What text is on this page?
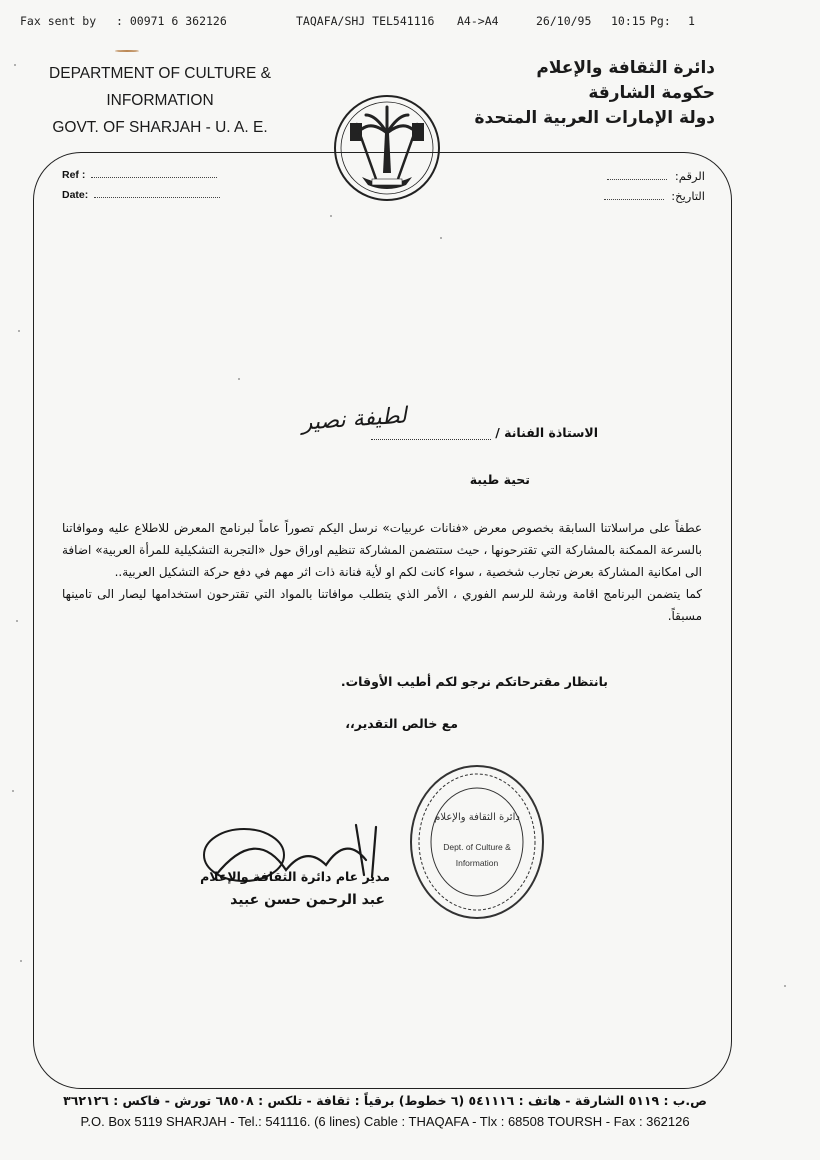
Fax sent by : 00971 6 362126	TAQAFA/SHJ TEL541116 A4->A4	26/10/95 10:15 Pg: 1
DEPARTMENT OF CULTURE &
INFORMATION
GOVT. OF SHARJAH - U. A. E.
دائرة الثقافة والإعلام
حكومة الشارقة
دولة الإمارات العربية المتحدة
Ref :
Date:
الرقم:
التاريخ:
الاستاذة الفنانة /
لطيفة نصير
تحية طيبة

عطفاً على مراسلاتنا السابقة بخصوص معرض «فنانات عربيات» نرسل اليكم تصوراً عاماً لبرنامج المعرض للاطلاع عليه وموافاتنا بالسرعة الممكنة بالمشاركة التي تقترحونها ، حيث ستتضمن المشاركة تنظيم اوراق حول «التجربة التشكيلية للمرأة العربية» اضافة الى امكانية المشاركة بعرض تجارب شخصية ، سواء كانت لكم او لأية فنانة ذات اثر مهم في دفع حركة التشكيل العربية..

كما يتضمن البرنامج اقامة ورشة للرسم الفوري ، الأمر الذي يتطلب موافاتنا بالمواد التي تقترحون استخدامها ليصار الى تامينها مسبقاً.

بانتظار مقترحاتكم نرجو لكم أطيب الأوقات.
مع خالص التقدير،،
مدير عام دائرة الثقافة والإعلام
عبد الرحمن حسن عبيد
دائرة الثقافة والإعلام
Dept. of Culture &
Information
ص.ب : ٥١١٩ الشارقة - هاتف : ٥٤١١١٦ (٦ خطوط) برقياً : ثقافة - تلكس : ٦٨٥٠٨ تورش - فاكس : ٣٦٢١٢٦
P.O. Box 5119 SHARJAH - Tel.: 541116. (6 lines) Cable : THAQAFA - Tlx : 68508 TOURSH - Fax : 362126
